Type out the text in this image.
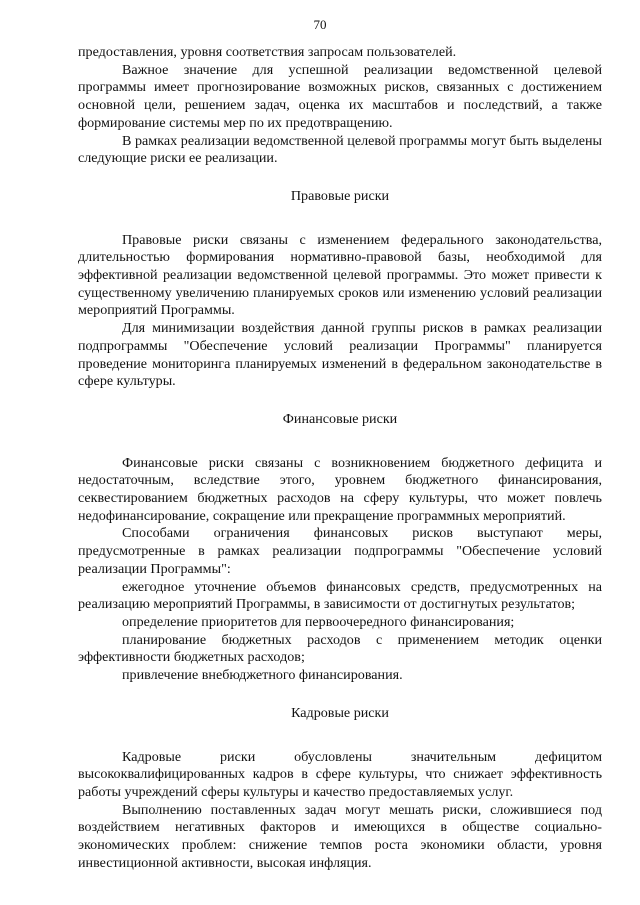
70

предоставления, уровня соответствия запросам пользователей.

Важное значение для успешной реализации ведомственной целевой программы имеет прогнозирование возможных рисков, связанных с достижением основной цели, решением задач, оценка их масштабов и последствий, а также формирование системы мер по их предотвращению.

В рамках реализации ведомственной целевой программы могут быть выделены следующие риски ее реализации.

Правовые риски

Правовые риски связаны с изменением федерального законодательства, длительностью формирования нормативно-правовой базы, необходимой для эффективной реализации ведомственной целевой программы. Это может привести к существенному увеличению планируемых сроков или изменению условий реализации мероприятий Программы.

Для минимизации воздействия данной группы рисков в рамках реализации подпрограммы "Обеспечение условий реализации Программы" планируется проведение мониторинга планируемых изменений в федеральном законодательстве в сфере культуры.

Финансовые риски

Финансовые риски связаны с возникновением бюджетного дефицита и недостаточным, вследствие этого, уровнем бюджетного финансирования, секвестированием бюджетных расходов на сферу культуры, что может повлечь недофинансирование, сокращение или прекращение программных мероприятий.

Способами ограничения финансовых рисков выступают меры, предусмотренные в рамках реализации подпрограммы "Обеспечение условий реализации Программы":

ежегодное уточнение объемов финансовых средств, предусмотренных на реализацию мероприятий Программы, в зависимости от достигнутых результатов;

определение приоритетов для первоочередного финансирования;

планирование бюджетных расходов с применением методик оценки эффективности бюджетных расходов;

привлечение внебюджетного финансирования.

Кадровые риски

Кадровые риски обусловлены значительным дефицитом высококвалифицированных кадров в сфере культуры, что снижает эффективность работы учреждений сферы культуры и качество предоставляемых услуг.

Выполнению поставленных задач могут мешать риски, сложившиеся под воздействием негативных факторов и имеющихся в обществе социально-экономических проблем: снижение темпов роста экономики области, уровня инвестиционной активности, высокая инфляция.
